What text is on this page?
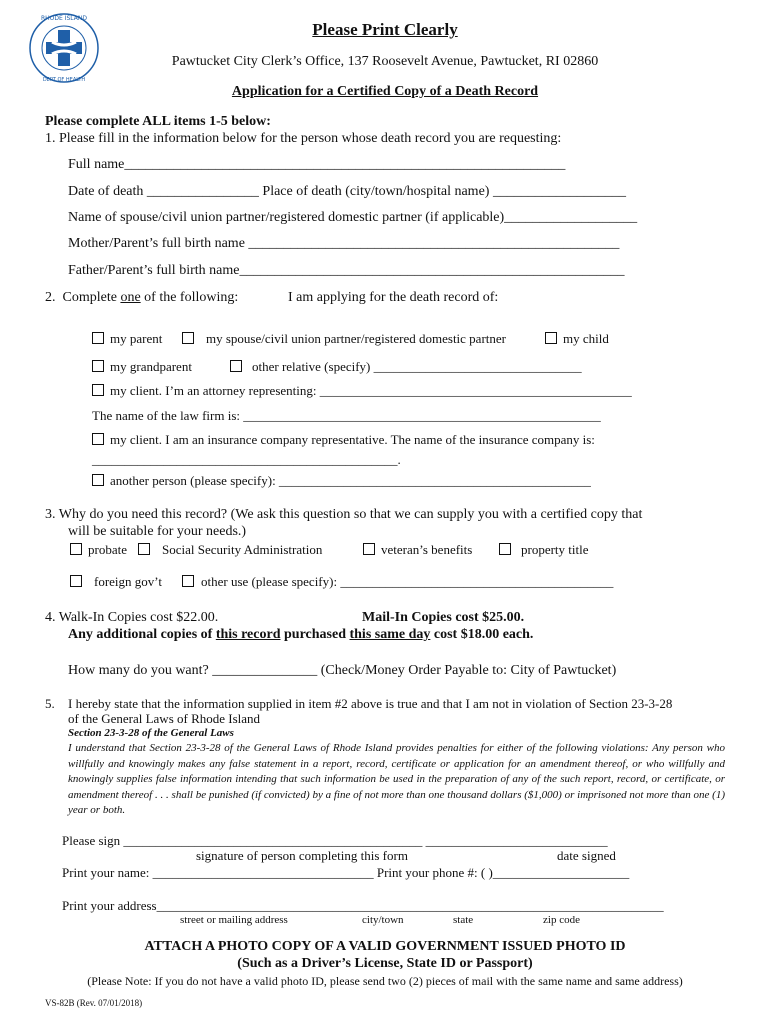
RHODE ISLAND
DEPT OF HEALTH
Please Print Clearly
Pawtucket City Clerk’s Office, 137 Roosevelt Avenue, Pawtucket, RI 02860
Application for a Certified Copy of a Death Record
Please complete ALL items 1-5 below:
1. Please fill in the information below for the person whose death record you are requesting:
Full name_______________________________________________________________
Date of death ________________ Place of death (city/town/hospital name) ___________________
Name of spouse/civil union partner/registered domestic partner (if applicable)___________________
Mother/Parent’s full birth name _____________________________________________________
Father/Parent’s full birth name_______________________________________________________
2. Complete one of the following:	I am applying for the death record of:
my parent	my spouse/civil union partner/registered domestic partner	my child
my grandparent	other relative (specify) ________________________________
my client. I’m an attorney representing: ________________________________________________
The name of the law firm is: _______________________________________________________
my client. I am an insurance company representative. The name of the insurance company is:
_______________________________________________.
another person (please specify): ________________________________________________
3. Why do you need this record? (We ask this question so that we can supply you with a certified copy that
will be suitable for your needs.)
probate	Social Security Administration	veteran’s benefits	property title
foreign gov’t	other use (please specify): __________________________________________
4. Walk-In Copies cost $22.00.	Mail-In Copies cost $25.00.
Any additional copies of this record purchased this same day cost $18.00 each.
How many do you want? _______________ (Check/Money Order Payable to: City of Pawtucket)
5. I hereby state that the information supplied in item #2 above is true and that I am not in violation of Section 23-3-28
of the General Laws of Rhode Island
Section 23-3-28 of the General Laws
I understand that Section 23-3-28 of the General Laws of Rhode Island provides penalties for either of the following violations: Any person who willfully and knowingly makes any false statement in a report, record, certificate or application for an amendment thereof, or who willfully and knowingly supplies false information intending that such information be used in the preparation of any of the such report, record, or certificate, or amendment thereof . . . shall be punished (if convicted) by a fine of not more than one thousand dollars ($1,000) or imprisoned not more than one (1) year or both.
Please sign ______________________________________________ ____________________________
signature of person completing this form	date signed
Print your name: __________________________________ Print your phone #: ( )_____________________
Print your address______________________________________________________________________________
street or mailing address	city/town	state	zip code
ATTACH A PHOTO COPY OF A VALID GOVERNMENT ISSUED PHOTO ID
(Such as a Driver’s License, State ID or Passport)
(Please Note: If you do not have a valid photo ID, please send two (2) pieces of mail with the same name and same address)
VS-82B (Rev. 07/01/2018)
